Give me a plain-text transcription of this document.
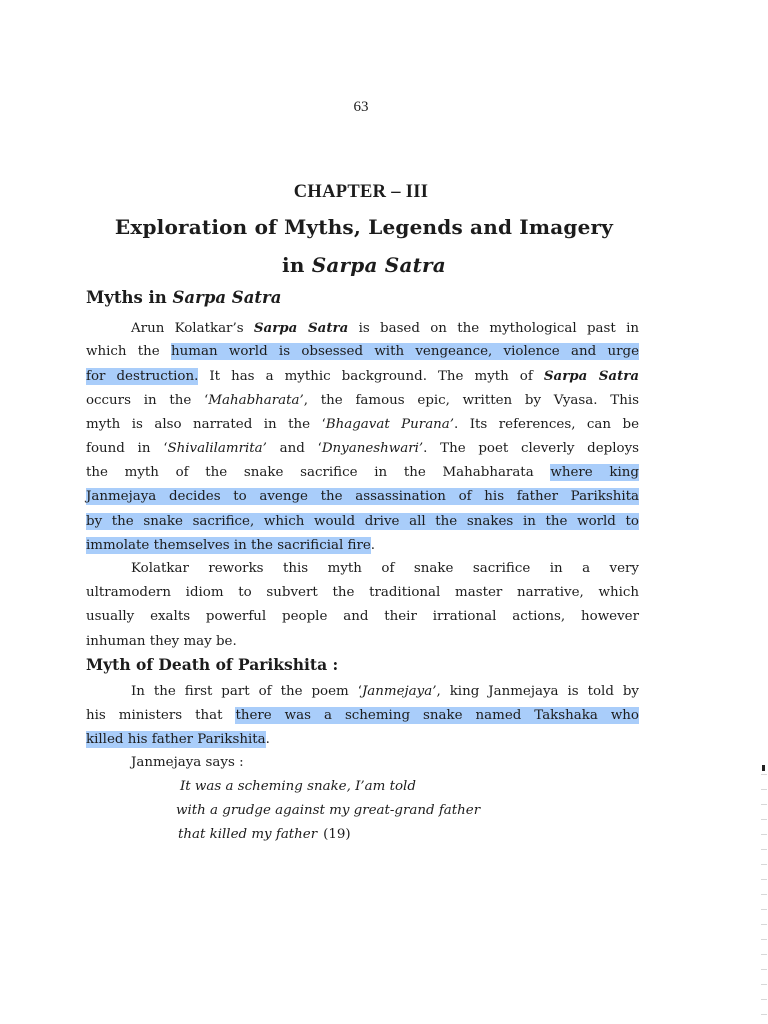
63
CHAPTER – III
Exploration of Myths, Legends and Imagery
in Sarpa Satra
Myths in Sarpa Satra
Arun Kolatkar’s Sarpa Satra is based on the mythological past in
which the human world is obsessed with vengeance, violence and urge
for destruction. It has a mythic background. The myth of Sarpa Satra
occurs in the ‘Mahabharata’, the famous epic, written by Vyasa. This
myth is also narrated in the ‘Bhagavat Purana’. Its references, can be
found in ‘Shivalilamrita’ and ‘Dnyaneshwari’. The poet cleverly deploys
the myth of the snake sacrifice in the Mahabharata where king
Janmejaya decides to avenge the assassination of his father Parikshita
by the snake sacrifice, which would drive all the snakes in the world to
immolate themselves in the sacrificial fire.
Kolatkar reworks this myth of snake sacrifice in a very
ultramodern idiom to subvert the traditional master narrative, which
usually exalts powerful people and their irrational actions, however
inhuman they may be.
Myth of Death of Parikshita :
In the first part of the poem ‘Janmejaya’, king Janmejaya is told by
his ministers that there was a scheming snake named Takshaka who
killed his father Parikshita.
Janmejaya says :
It was a scheming snake, I’am told
with a grudge against my great-grand father
that killed my father (19)
